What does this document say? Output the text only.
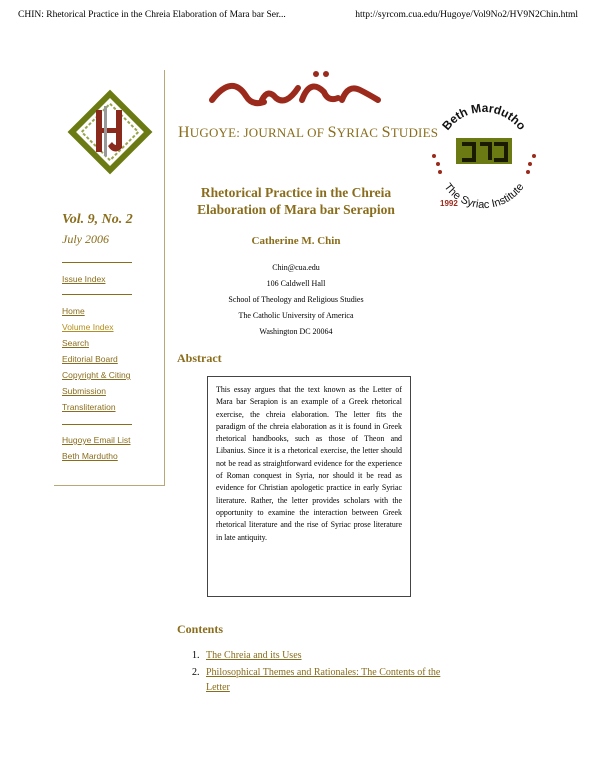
CHIN: Rhetorical Practice in the Chreia Elaboration of Mara bar Ser...	http://syrcom.cua.edu/Hugoye/Vol9No2/HV9N2Chin.html
Vol. 9, No. 2
July 2006
Issue Index
Home
Volume Index
Search
Editorial Board
Copyright & Citing
Submission
Transliteration
Hugoye Email List
Beth Mardutho
HUGOYE: JOURNAL OF SYRIAC STUDIES Beth Mardutho
The Syriac Institute
1992
Rhetorical Practice in the Chreia
Elaboration of Mara bar Serapion
Catherine M. Chin
Chin@cua.edu
106 Caldwell Hall
School of Theology and Religious Studies
The Catholic University of America
Washington DC 20064
Abstract
This essay argues that the text known as the Letter of Mara bar Serapion is an example of a Greek rhetorical exercise, the chreia elaboration. The letter fits the paradigm of the chreia elaboration as it is found in Greek rhetorical handbooks, such as those of Theon and Libanius. Since it is a rhetorical exercise, the letter should not be read as straightforward evidence for the experience of Roman conquest in Syria, nor should it be read as evidence for Christian apologetic practice in early Syriac literature. Rather, the letter provides scholars with the opportunity to examine the interaction between Greek rhetorical literature and the rise of Syriac prose literature in late antiquity.
Contents
1. The Chreia and its Uses
2. Philosophical Themes and Rationales: The Contents of the Letter
